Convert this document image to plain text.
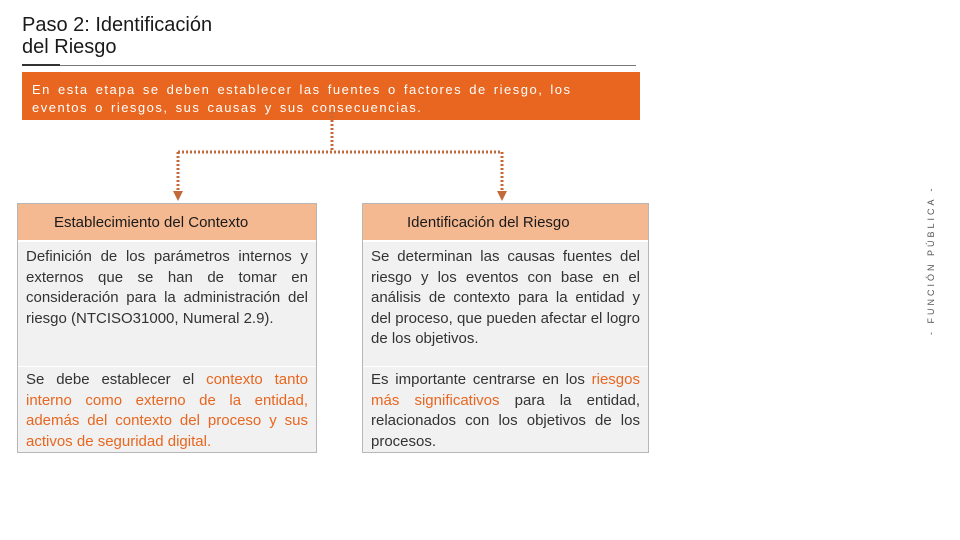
Paso 2: Identificación
del Riesgo
En esta etapa se deben establecer las fuentes o factores de riesgo, los eventos o riesgos, sus causas y sus consecuencias.
Establecimiento del Contexto
Definición de los parámetros internos y externos que se han de tomar en consideración para la administración del riesgo (NTCISO31000, Numeral 2.9).
Se debe establecer el contexto tanto interno como externo de la entidad, además del contexto del proceso y sus activos de seguridad digital.
Identificación del Riesgo
Se determinan las causas fuentes del riesgo y los eventos con base en el análisis de contexto para la entidad y del proceso, que pueden afectar el logro de los objetivos.
Es importante centrarse en los riesgos más significativos para la entidad, relacionados con los objetivos de los procesos.
- FUNCIÓN PÚBLICA -
